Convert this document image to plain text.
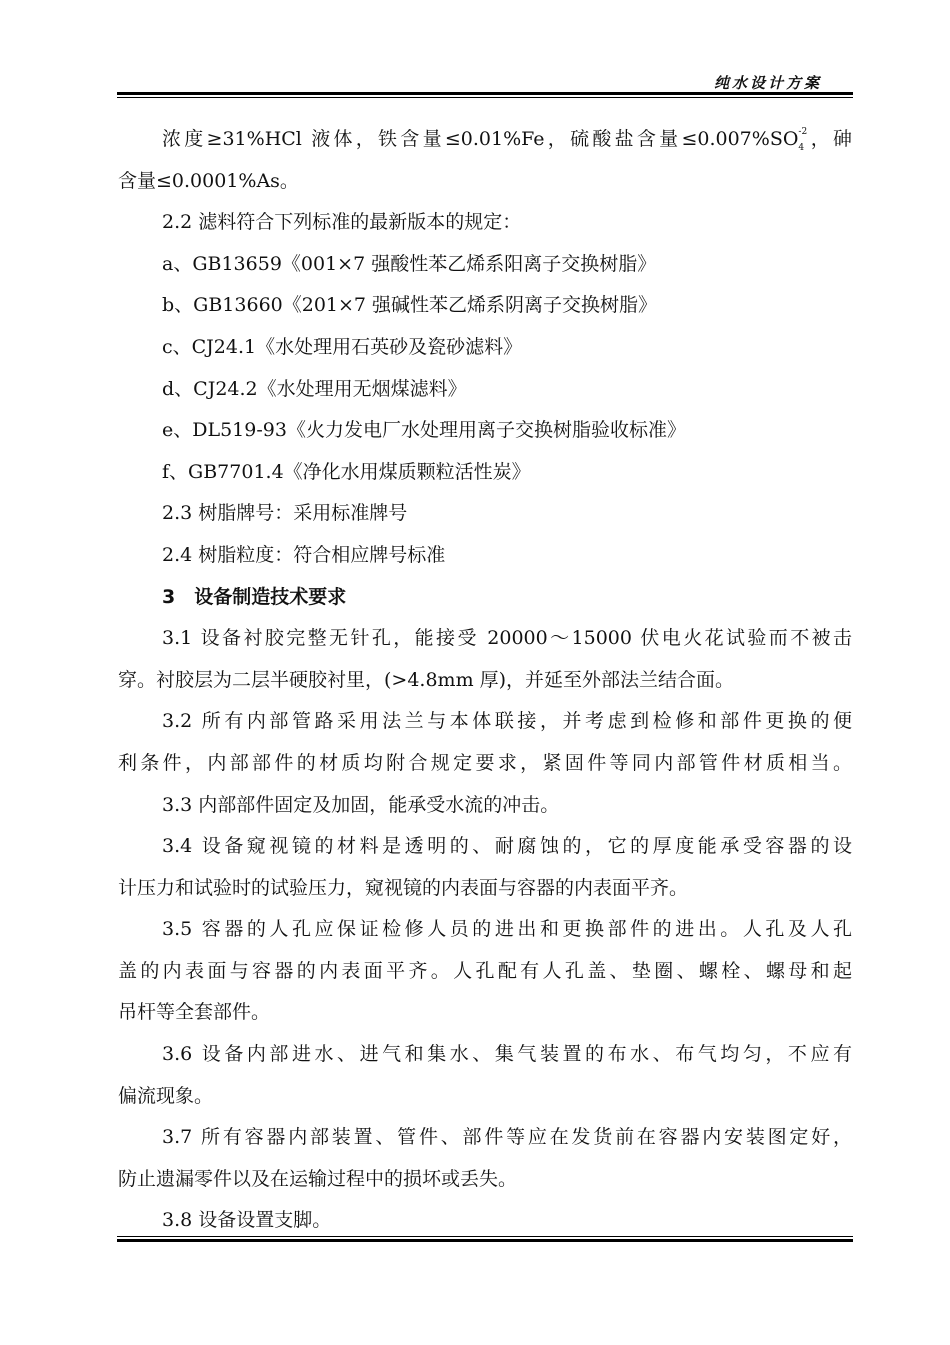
纯水设计方案
浓度≥31%HCl 液体，铁含量≤0.01%Fe，硫酸盐含量≤0.007%SO -2
4 ，砷
含量≤0.0001%As。
2.2 滤料符合下列标准的最新版本的规定：
a、GB13659《001×7 强酸性苯乙烯系阳离子交换树脂》
b、GB13660《201×7 强碱性苯乙烯系阴离子交换树脂》
c、CJ24.1《水处理用石英砂及瓷砂滤料》
d、CJ24.2《水处理用无烟煤滤料》
e、DL519-93《火力发电厂水处理用离子交换树脂验收标准》
f、GB7701.4《净化水用煤质颗粒活性炭》
2.3 树脂牌号：采用标准牌号
2.4 树脂粒度：符合相应牌号标准
3　设备制造技术要求
3.1 设备衬胶完整无针孔，能接受 20000～15000 伏电火花试验而不被击
穿。衬胶层为二层半硬胶衬里，(>4.8mm 厚)，并延至外部法兰结合面。
3.2 所有内部管路采用法兰与本体联接，并考虑到检修和部件更换的便
利条件，内部部件的材质均附合规定要求，紧固件等同内部管件材质相当。
3.3 内部部件固定及加固，能承受水流的冲击。
3.4 设备窥视镜的材料是透明的、耐腐蚀的，它的厚度能承受容器的设
计压力和试验时的试验压力，窥视镜的内表面与容器的内表面平齐。
3.5 容器的人孔应保证检修人员的进出和更换部件的进出。人孔及人孔
盖的内表面与容器的内表面平齐。人孔配有人孔盖、垫圈、螺栓、螺母和起
吊杆等全套部件。
3.6 设备内部进水、进气和集水、集气装置的布水、布气均匀，不应有
偏流现象。
3.7 所有容器内部装置、管件、部件等应在发货前在容器内安装图定好，
防止遗漏零件以及在运输过程中的损坏或丢失。
3.8 设备设置支脚。
